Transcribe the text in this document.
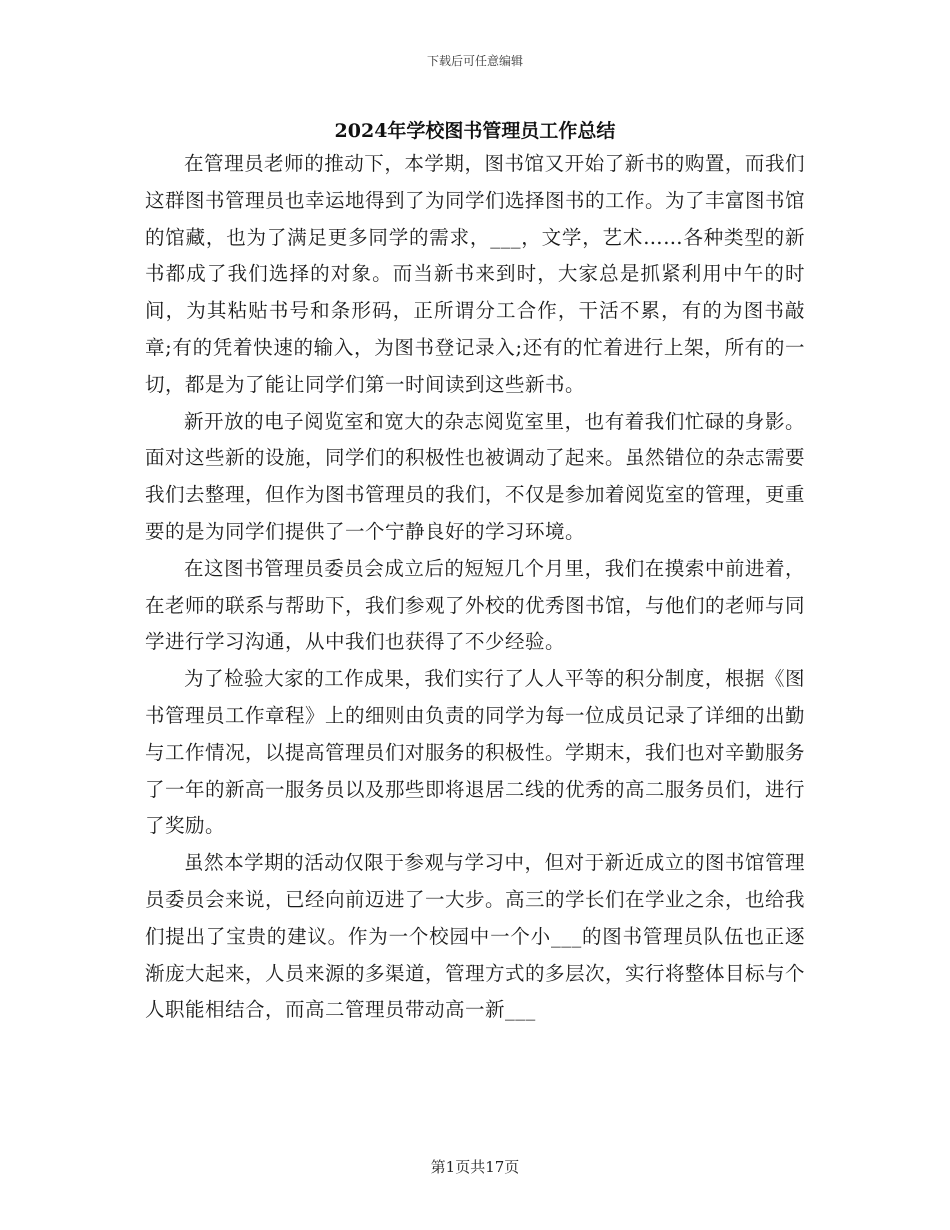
下载后可任意编辑
2024年学校图书管理员工作总结

在管理员老师的推动下，本学期，图书馆又开始了新书的购置，而我们这群图书管理员也幸运地得到了为同学们选择图书的工作。为了丰富图书馆的馆藏，也为了满足更多同学的需求，___，文学，艺术……各种类型的新书都成了我们选择的对象。而当新书来到时，大家总是抓紧利用中午的时间，为其粘贴书号和条形码，正所谓分工合作，干活不累，有的为图书敲章;有的凭着快速的输入，为图书登记录入;还有的忙着进行上架，所有的一切，都是为了能让同学们第一时间读到这些新书。

新开放的电子阅览室和宽大的杂志阅览室里，也有着我们忙碌的身影。面对这些新的设施，同学们的积极性也被调动了起来。虽然错位的杂志需要我们去整理，但作为图书管理员的我们，不仅是参加着阅览室的管理，更重要的是为同学们提供了一个宁静良好的学习环境。

在这图书管理员委员会成立后的短短几个月里，我们在摸索中前进着，在老师的联系与帮助下，我们参观了外校的优秀图书馆，与他们的老师与同学进行学习沟通，从中我们也获得了不少经验。

为了检验大家的工作成果，我们实行了人人平等的积分制度，根据《图书管理员工作章程》上的细则由负责的同学为每一位成员记录了详细的出勤与工作情况，以提高管理员们对服务的积极性。学期末，我们也对辛勤服务了一年的新高一服务员以及那些即将退居二线的优秀的高二服务员们，进行了奖励。

虽然本学期的活动仅限于参观与学习中，但对于新近成立的图书馆管理员委员会来说，已经向前迈进了一大步。高三的学长们在学业之余，也给我们提出了宝贵的建议。作为一个校园中一个小___的图书管理员队伍也正逐渐庞大起来，人员来源的多渠道，管理方式的多层次，实行将整体目标与个人职能相结合，而高二管理员带动高一新___

第1页共17页
